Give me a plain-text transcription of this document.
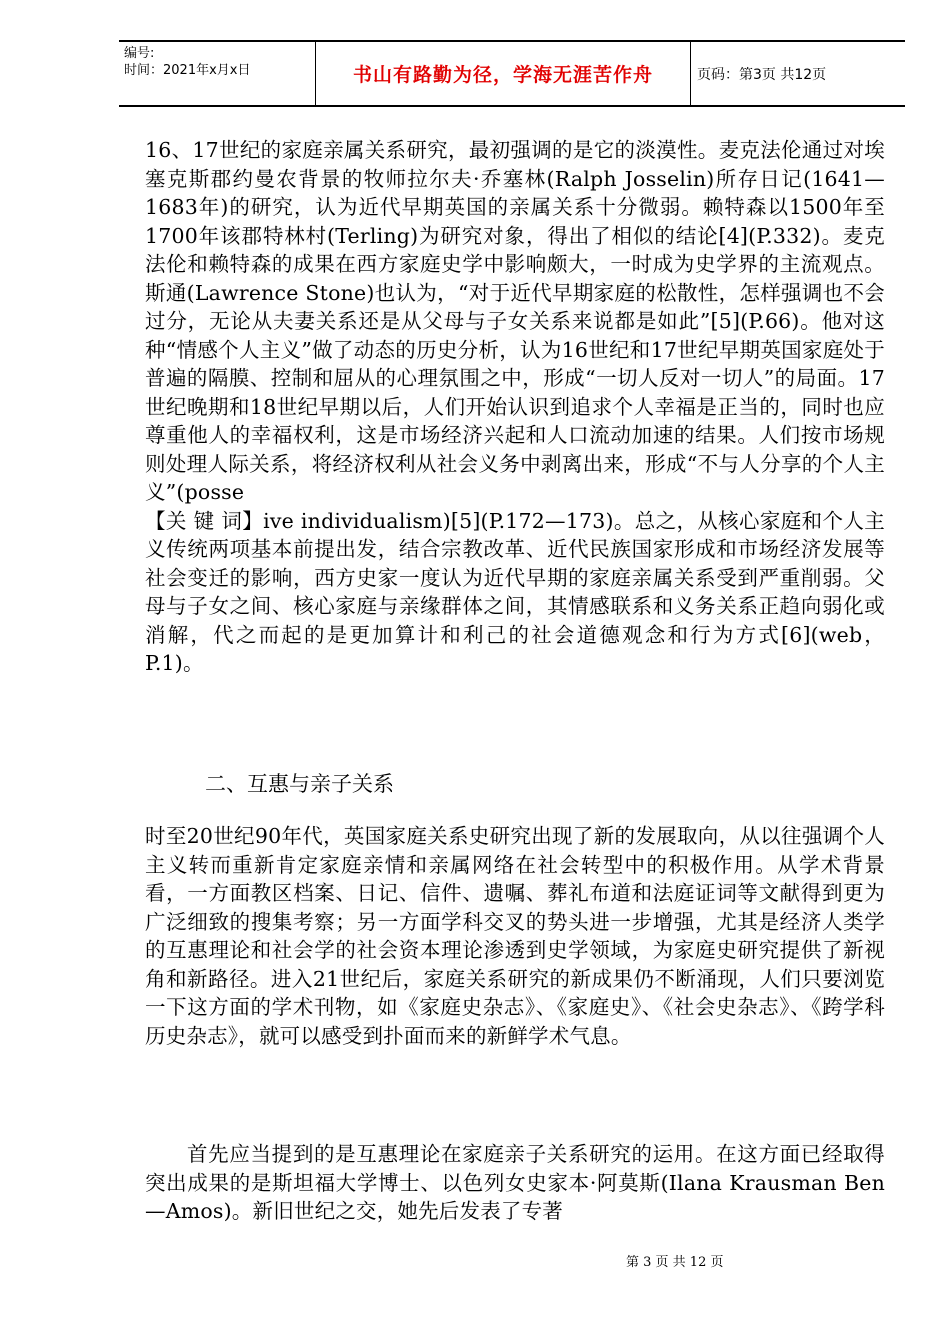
编号:
时间：2021年x月x日	书山有路勤为径，学海无涯苦作舟	页码：第3页 共12页
16、17世纪的家庭亲属关系研究，最初强调的是它的淡漠性。麦克法伦通过对埃塞克斯郡约曼农背景的牧师拉尔夫·乔塞林(Ralph Josselin)所存日记(1641—1683年)的研究，认为近代早期英国的亲属关系十分微弱。赖特森以1500年至1700年该郡特林村(Terling)为研究对象，得出了相似的结论[4](P.332)。麦克法伦和赖特森的成果在西方家庭史学中影响颇大，一时成为史学界的主流观点。斯通(Lawrence Stone)也认为，“对于近代早期家庭的松散性，怎样强调也不会过分，无论从夫妻关系还是从父母与子女关系来说都是如此”[5](P.66)。他对这种“情感个人主义”做了动态的历史分析，认为16世纪和17世纪早期英国家庭处于普遍的隔膜、控制和屈从的心理氛围之中，形成“一切人反对一切人”的局面。17世纪晚期和18世纪早期以后，人们开始认识到追求个人幸福是正当的，同时也应尊重他人的幸福权利，这是市场经济兴起和人口流动加速的结果。人们按市场规则处理人际关系，将经济权利从社会义务中剥离出来，形成“不与人分享的个人主义”(posse
【关 键 词】ive individualism)[5](P.172—173)。总之，从核心家庭和个人主义传统两项基本前提出发，结合宗教改革、近代民族国家形成和市场经济发展等社会变迁的影响，西方史家一度认为近代早期的家庭亲属关系受到严重削弱。父母与子女之间、核心家庭与亲缘群体之间，其情感联系和义务关系正趋向弱化或消解，代之而起的是更加算计和利己的社会道德观念和行为方式[6](web，P.1)。

二、互惠与亲子关系

时至20世纪90年代，英国家庭关系史研究出现了新的发展取向，从以往强调个人主义转而重新肯定家庭亲情和亲属网络在社会转型中的积极作用。从学术背景看，一方面教区档案、日记、信件、遗嘱、葬礼布道和法庭证词等文献得到更为广泛细致的搜集考察；另一方面学科交叉的势头进一步增强，尤其是经济人类学的互惠理论和社会学的社会资本理论渗透到史学领域，为家庭史研究提供了新视角和新路径。进入21世纪后，家庭关系研究的新成果仍不断涌现，人们只要浏览一下这方面的学术刊物，如《家庭史杂志》、《家庭史》、《社会史杂志》、《跨学科历史杂志》，就可以感受到扑面而来的新鲜学术气息。
首先应当提到的是互惠理论在家庭亲子关系研究的运用。在这方面已经取得突出成果的是斯坦福大学博士、以色列女史家本·阿莫斯(Ilana Krausman Ben—Amos)。新旧世纪之交，她先后发表了专著
第 3 页 共 12 页
